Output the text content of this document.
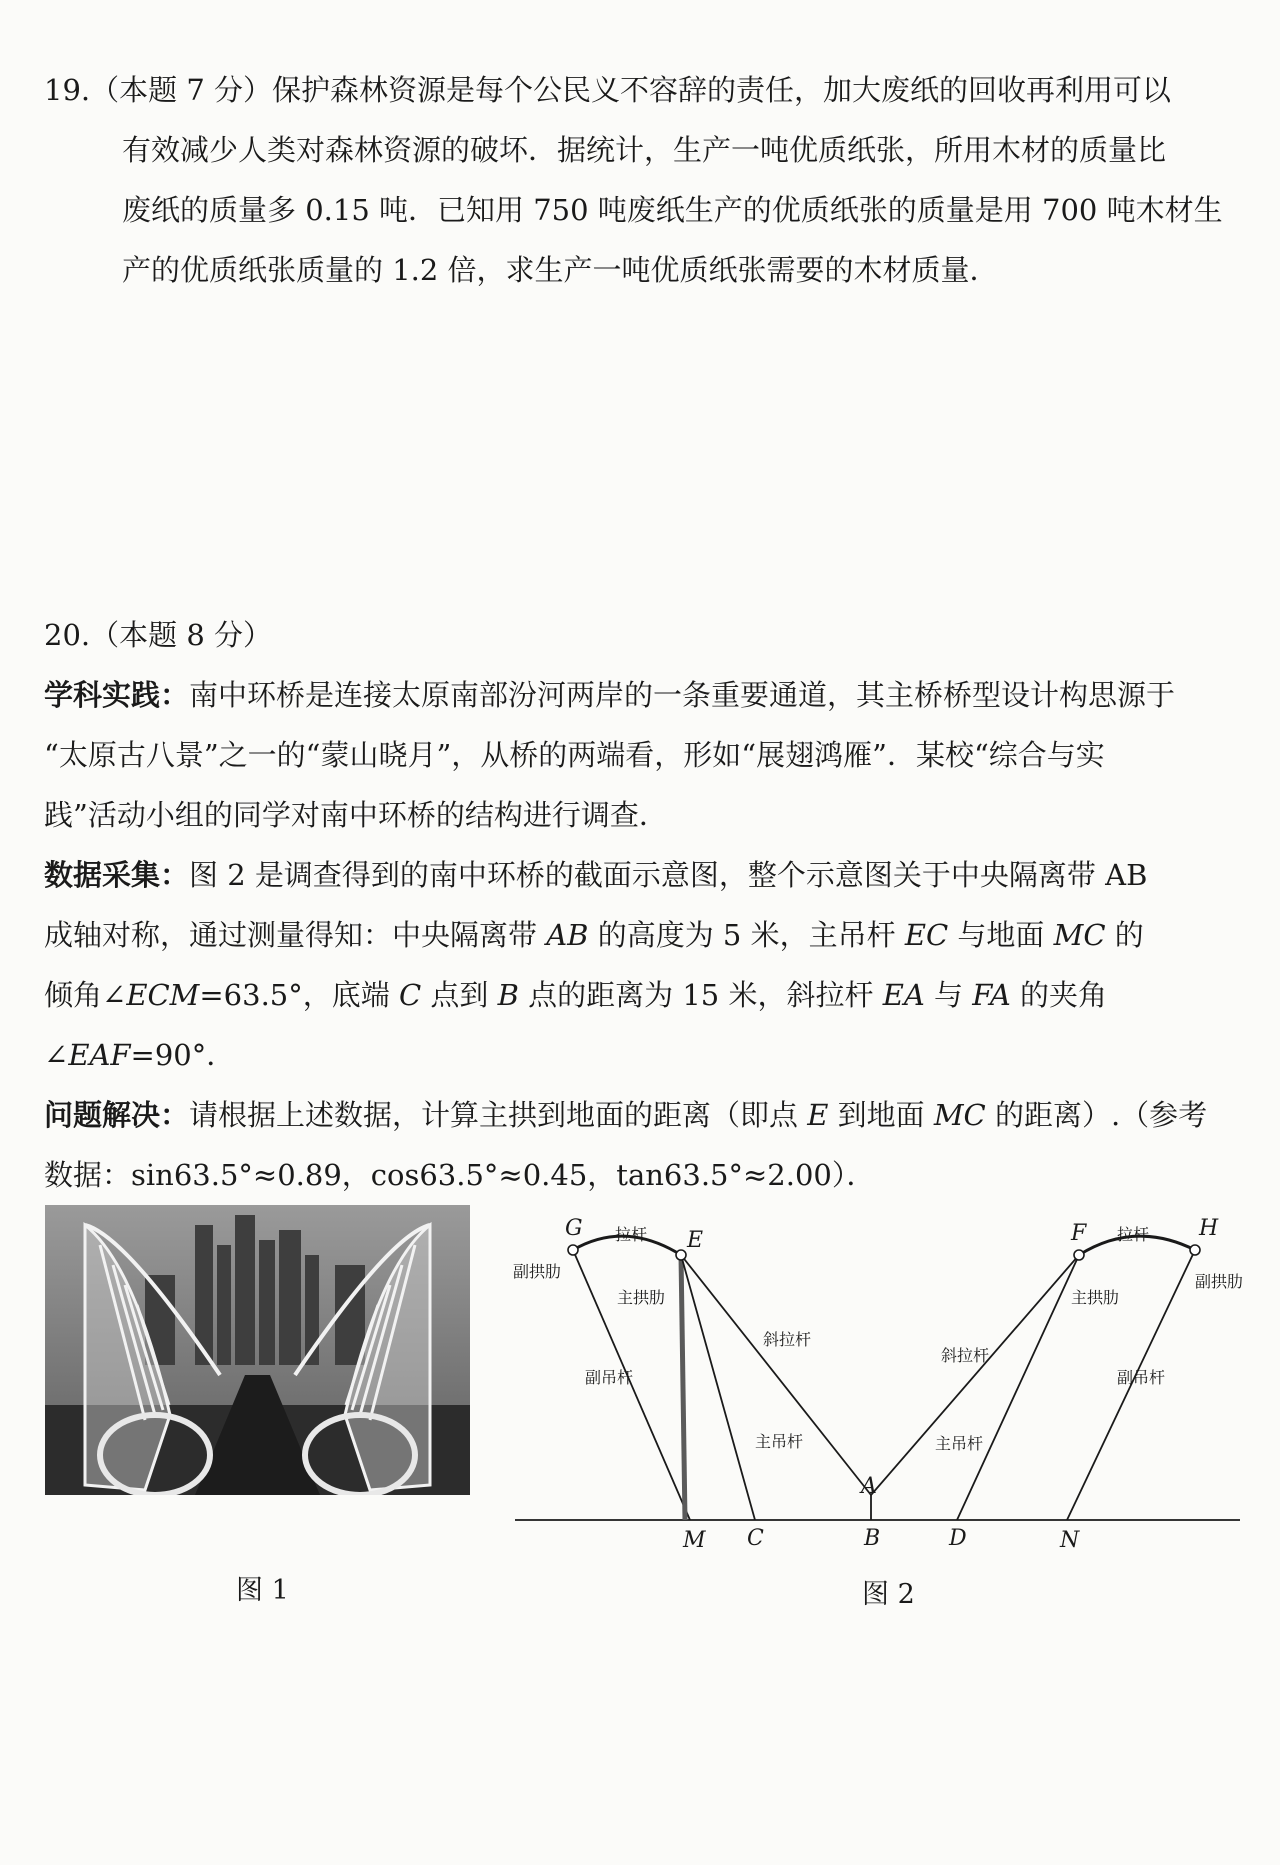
19.（本题 7 分）保护森林资源是每个公民义不容辞的责任，加大废纸的回收再利用可以

有效减少人类对森林资源的破坏．据统计，生产一吨优质纸张，所用木材的质量比

废纸的质量多 0.15 吨．已知用 750 吨废纸生产的优质纸张的质量是用 700 吨木材生

产的优质纸张质量的 1.2 倍，求生产一吨优质纸张需要的木材质量．

20.（本题 8 分）

学科实践：南中环桥是连接太原南部汾河两岸的一条重要通道，其主桥桥型设计构思源于

“太原古八景”之一的“蒙山晓月”，从桥的两端看，形如“展翅鸿雁”．某校“综合与实

践”活动小组的同学对南中环桥的结构进行调查．

数据采集：图 2 是调查得到的南中环桥的截面示意图，整个示意图关于中央隔离带 AB

成轴对称，通过测量得知：中央隔离带 AB 的高度为 5 米，主吊杆 EC 与地面 MC 的

倾角∠ECM=63.5°，底端 C 点到 B 点的距离为 15 米，斜拉杆 EA 与 FA 的夹角∠EAF=90°．

问题解决：请根据上述数据，计算主拱到地面的距离（即点 E 到地面 MC 的距离）.（参考

数据：sin63.5°≈0.89，cos63.5°≈0.45，tan63.5°≈2.00）．

图 1
G	E	F	H
A
M C	B	D	N
拉杆	拉杆
副拱肋
副拱肋
主拱肋	主拱肋
斜拉杆
斜拉杆
副吊杆	副吊杆
主吊杆	主吊杆
图 2
